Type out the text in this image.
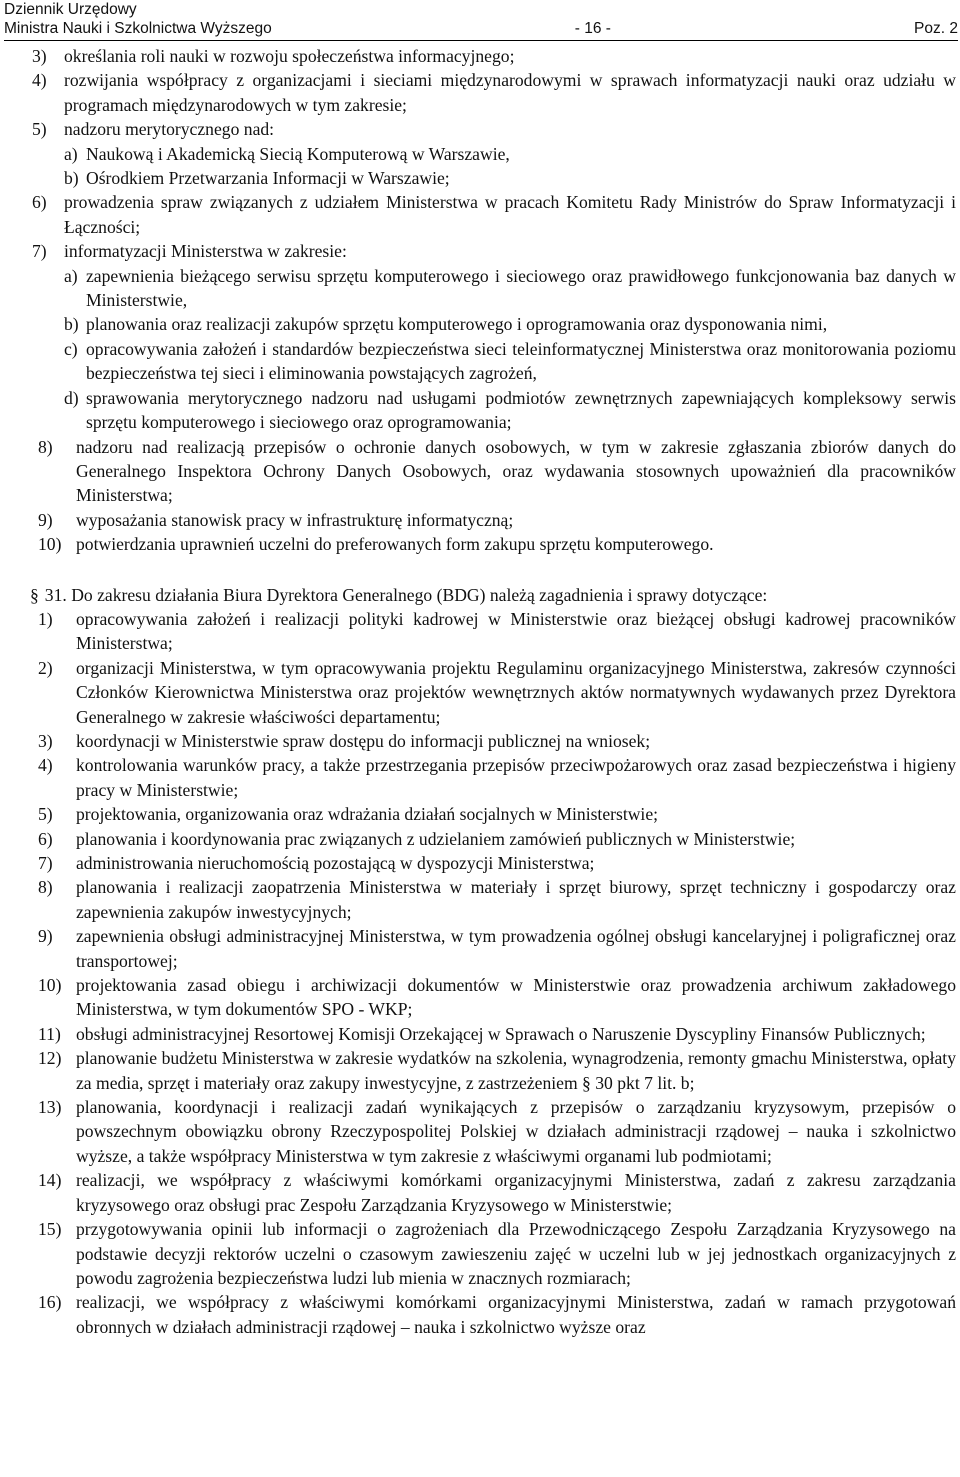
Dziennik Urzędowy
Ministra Nauki i Szkolnictwa Wyższego	- 16 -	Poz. 2
3) określania roli nauki w rozwoju społeczeństwa informacyjnego;
4) rozwijania współpracy z organizacjami i sieciami międzynarodowymi w sprawach informatyzacji nauki oraz udziału w programach międzynarodowych w tym zakresie;
5) nadzoru merytorycznego nad:
a) Naukową i Akademicką Siecią Komputerową w Warszawie,
b) Ośrodkiem Przetwarzania Informacji w Warszawie;
6) prowadzenia spraw związanych z udziałem Ministerstwa w pracach Komitetu Rady Ministrów do Spraw Informatyzacji i Łączności;
7) informatyzacji Ministerstwa w zakresie:
a) zapewnienia bieżącego serwisu sprzętu komputerowego i sieciowego oraz prawidłowego funkcjonowania baz danych w Ministerstwie,
b) planowania oraz realizacji zakupów sprzętu komputerowego i oprogramowania oraz dysponowania nimi,
c) opracowywania założeń i standardów bezpieczeństwa sieci teleinformatycznej Ministerstwa oraz monitorowania poziomu bezpieczeństwa tej sieci i eliminowania powstających zagrożeń,
d) sprawowania merytorycznego nadzoru nad usługami podmiotów zewnętrznych zapewniających kompleksowy serwis sprzętu komputerowego i sieciowego oraz oprogramowania;
8)	nadzoru nad realizacją przepisów o ochronie danych osobowych, w tym w zakresie zgłaszania zbiorów danych do Generalnego Inspektora Ochrony Danych Osobowych, oraz wydawania stosownych upoważnień dla pracowników Ministerstwa;
9)	wyposażania stanowisk pracy w infrastrukturę informatyczną;
10) potwierdzania uprawnień uczelni do preferowanych form zakupu sprzętu komputerowego.
§ 31. Do zakresu działania Biura Dyrektora Generalnego (BDG) należą zagadnienia i sprawy dotyczące:
1)	opracowywania założeń i realizacji polityki kadrowej w Ministerstwie oraz bieżącej obsługi kadrowej pracowników Ministerstwa;
2)	organizacji Ministerstwa, w tym opracowywania projektu Regulaminu organizacyjnego Ministerstwa, zakresów czynności Członków Kierownictwa Ministerstwa oraz projektów wewnętrznych aktów normatywnych wydawanych przez Dyrektora Generalnego w zakresie właściwości departamentu;
3)	koordynacji w Ministerstwie spraw dostępu do informacji publicznej na wniosek;
4)	kontrolowania warunków pracy, a także przestrzegania przepisów przeciwpożarowych oraz zasad bezpieczeństwa i higieny pracy w Ministerstwie;
5)	projektowania, organizowania oraz wdrażania działań socjalnych w Ministerstwie;
6)	planowania i koordynowania prac związanych z udzielaniem zamówień publicznych w Ministerstwie;
7)	administrowania nieruchomością pozostającą w dyspozycji Ministerstwa;
8)	planowania i realizacji zaopatrzenia Ministerstwa w materiały i sprzęt biurowy, sprzęt techniczny i gospodarczy oraz zapewnienia zakupów inwestycyjnych;
9)	zapewnienia obsługi administracyjnej Ministerstwa, w tym prowadzenia ogólnej obsługi kancelaryjnej i poligraficznej oraz transportowej;
10) projektowania zasad obiegu i archiwizacji dokumentów w Ministerstwie oraz prowadzenia archiwum zakładowego Ministerstwa, w tym dokumentów SPO - WKP;
11) obsługi administracyjnej Resortowej Komisji Orzekającej w Sprawach o Naruszenie Dyscypliny Finansów Publicznych;
12) planowanie budżetu Ministerstwa w zakresie wydatków na szkolenia, wynagrodzenia, remonty gmachu Ministerstwa, opłaty za media, sprzęt i materiały oraz zakupy inwestycyjne, z zastrzeżeniem § 30 pkt 7 lit. b;
13) planowania, koordynacji i realizacji zadań wynikających z przepisów o zarządzaniu kryzysowym, przepisów o powszechnym obowiązku obrony Rzeczypospolitej Polskiej w działach administracji rządowej – nauka i szkolnictwo wyższe, a także współpracy Ministerstwa w tym zakresie z właściwymi organami lub podmiotami;
14) realizacji, we współpracy z właściwymi komórkami organizacyjnymi Ministerstwa, zadań z zakresu zarządzania kryzysowego oraz obsługi prac Zespołu Zarządzania Kryzysowego w Ministerstwie;
15) przygotowywania opinii lub informacji o zagrożeniach dla Przewodniczącego Zespołu Zarządzania Kryzysowego na podstawie decyzji rektorów uczelni o czasowym zawieszeniu zajęć w uczelni lub w jej jednostkach organizacyjnych z powodu zagrożenia bezpieczeństwa ludzi lub mienia w znacznych rozmiarach;
16) realizacji, we współpracy z właściwymi komórkami organizacyjnymi Ministerstwa, zadań w ramach przygotowań obronnych w działach administracji rządowej – nauka i szkolnictwo wyższe oraz
